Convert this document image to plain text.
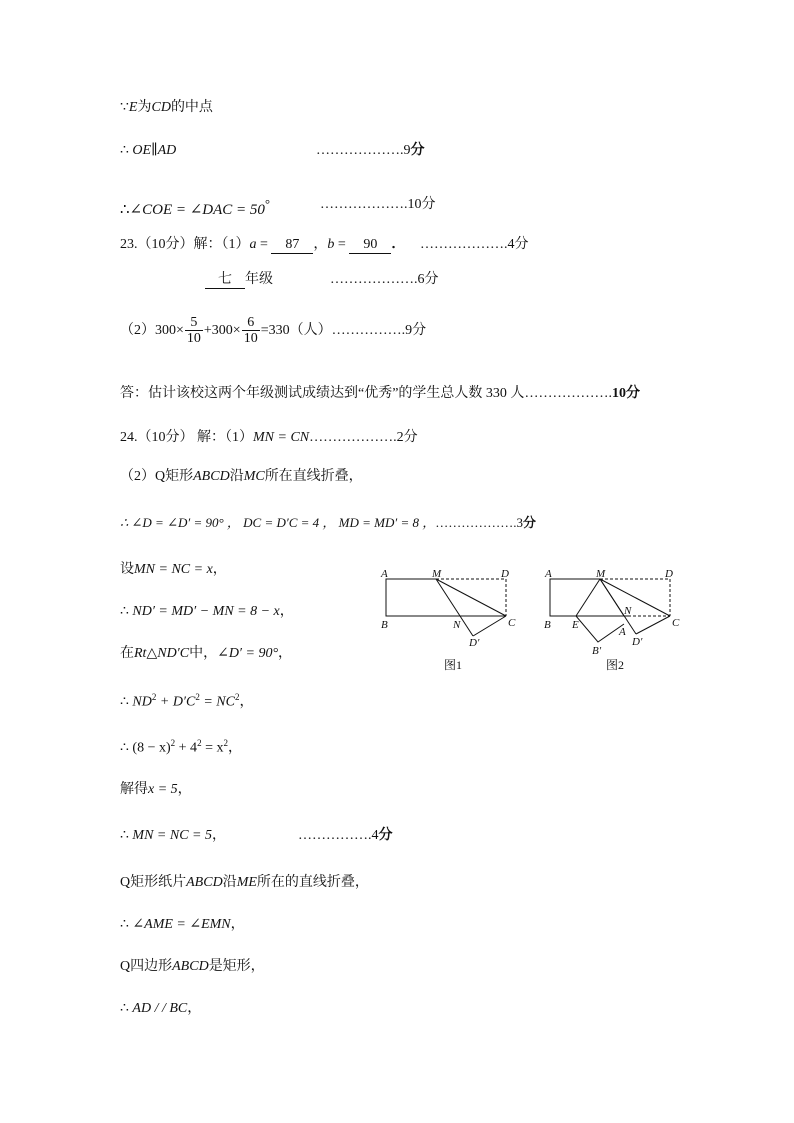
∵E为CD的中点
∴ OE∥AD	……………….9分
∴∠COE = ∠DAC = 50°	……………….10分
23.（10分）解：（1）a = 87 ，b = 90 ． ……………….4分
七 年级	……………….6分
$(2)300\times \frac{5}{10} +300\times \frac{6}{10} =330$（人）…………….9分
答：估计该校这两个年级测试成绩达到“优秀”的学生总人数 330 人……………….10分
24.（10分） 解：（1）MN = CN……………….2分
（2）Q矩形ABCD沿MC所在直线折叠，
∴ ∠D = ∠D′ = 90° ， DC = D′C = 4 ， MD = MD′ = 8 ，……………….3分
设MN = NC = x，
∴ ND′ = MD′ − MN = 8 − x，
在Rt△ND′C中，∠D′ = 90°，
∴ $ND^2 + D'C^2 = NC^2$，
∴ $(8 - x)^2 + 4^2 = x^2$，
解得x = 5，
∴ MN = NC = 5，	…………….4分
Q矩形纸片ABCD沿ME所在的直线折叠，
∴ ∠AME = ∠EMN，
Q四边形ABCD是矩形，
∴ AD / / BC，
A	M	D
B	N	C
D′
图1
A	M	D
B E
N
C
A
D′
B′
图2
